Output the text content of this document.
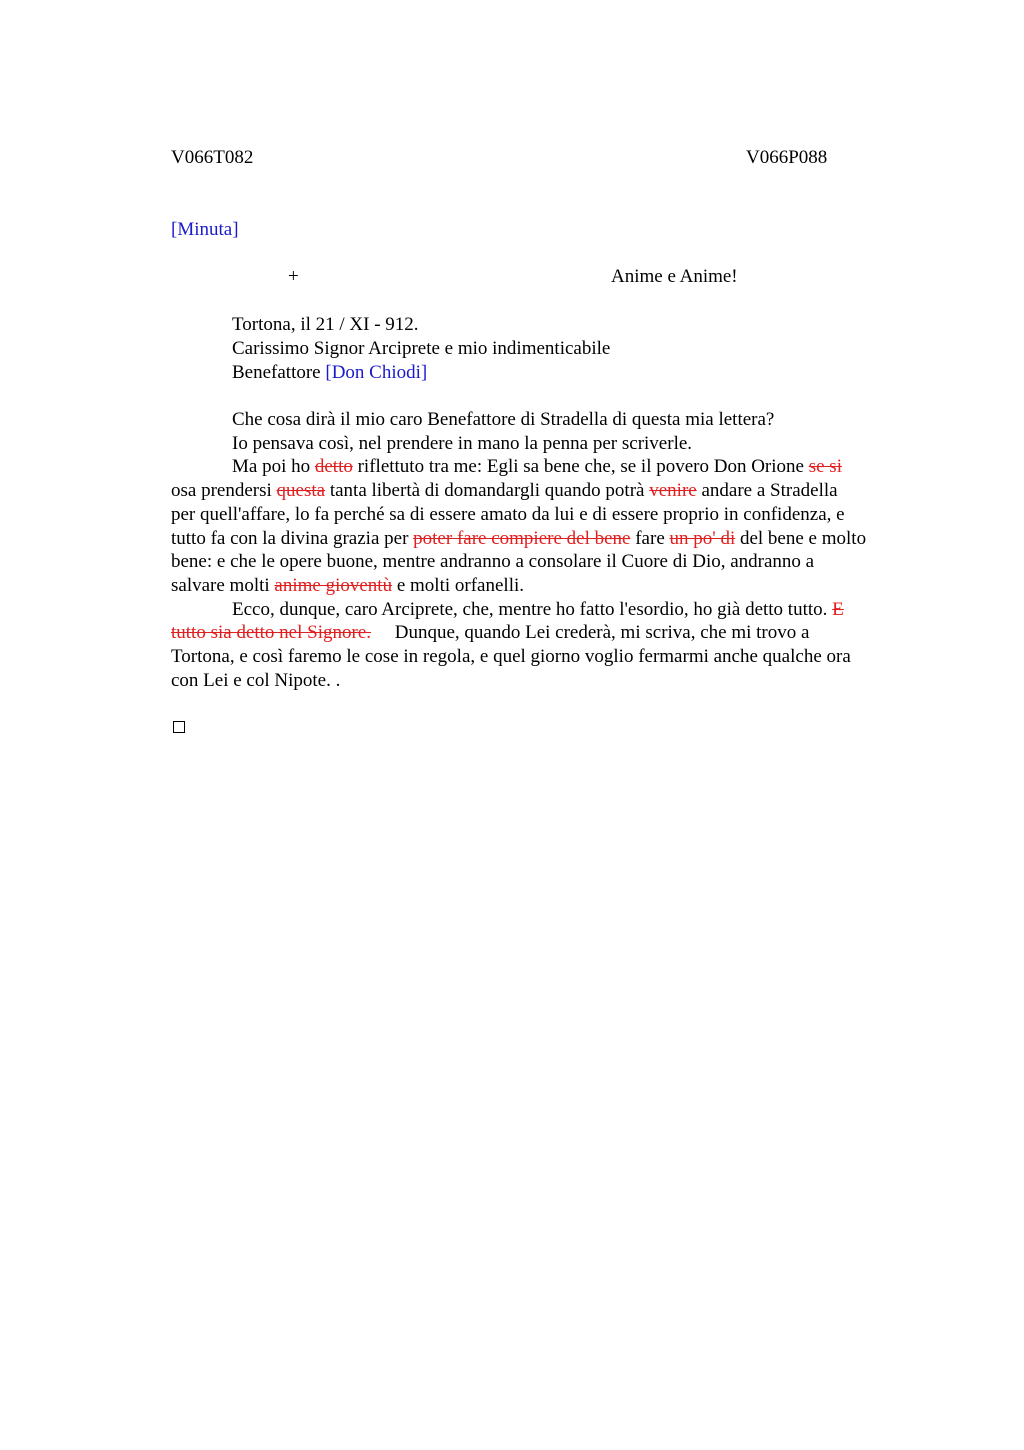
V066T082	V066P088
[Minuta]
+	Anime e Anime!
Tortona, il 21 / XI - 912.
Carissimo Signor Arciprete e mio indimenticabile
Benefattore [Don Chiodi]

Che cosa dirà il mio caro Benefattore di Stradella di questa mia lettera?

Io pensava così, nel prendere in mano la penna per scriverle.

Ma poi ho detto riflettuto tra me: Egli sa bene che, se il povero Don Orione se si

osa prendersi questa tanta libertà di domandargli quando potrà venire andare a Stradella

per quell'affare, lo fa perché sa di essere amato da lui e di essere proprio in confidenza, e

tutto fa con la divina grazia per poter fare compiere del bene fare un po' di del bene e molto

bene: e che le opere buone, mentre andranno a consolare il Cuore di Dio, andranno a

salvare molti anime gioventù e molti orfanelli.

Ecco, dunque, caro Arciprete, che, mentre ho fatto l'esordio, ho già detto tutto. E

tutto sia detto nel Signore.     Dunque, quando Lei crederà, mi scriva, che mi trovo a

Tortona, e così faremo le cose in regola, e quel giorno voglio fermarmi anche qualche ora

con Lei e col Nipote. .
